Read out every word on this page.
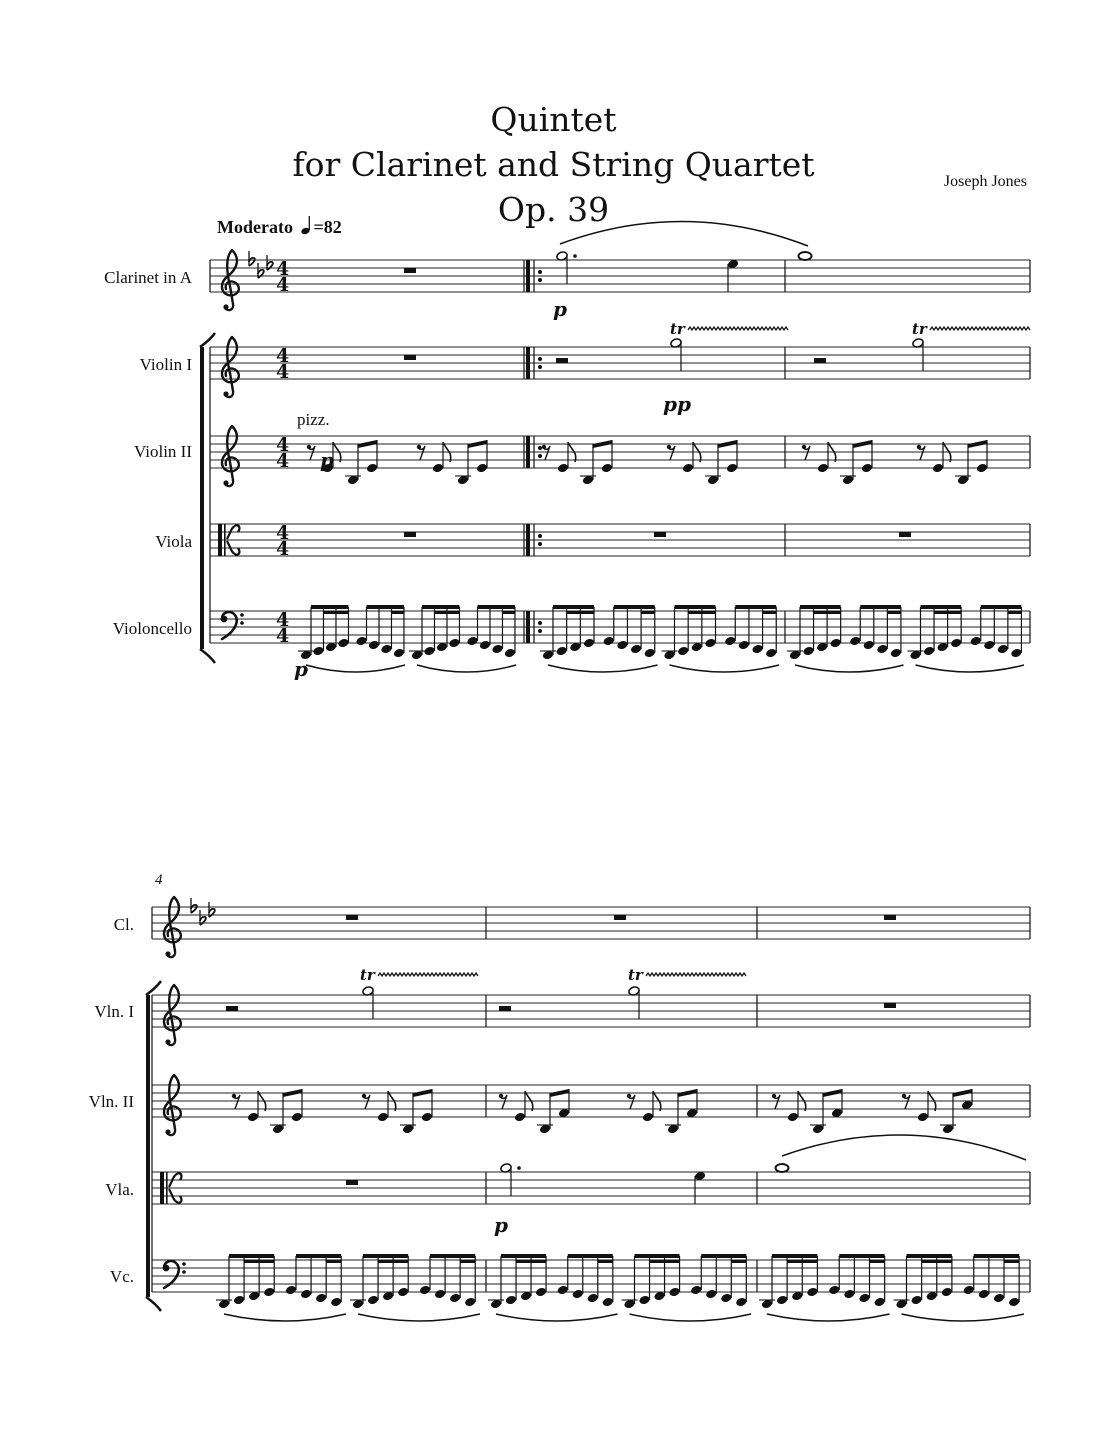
Quintet
for Clarinet and String Quartet
Op. 39
Joseph Jones
Moderato =82
Clarinet in A
Violin I
Violin II
Viola
Violoncello
pizz.
4
Cl.
Vln. I
Vln. II
Vla.
Vc.
4
4
4
4
4
4
4
4
4
4
p
tr
pp
tr
p
p
tr	tr
p
